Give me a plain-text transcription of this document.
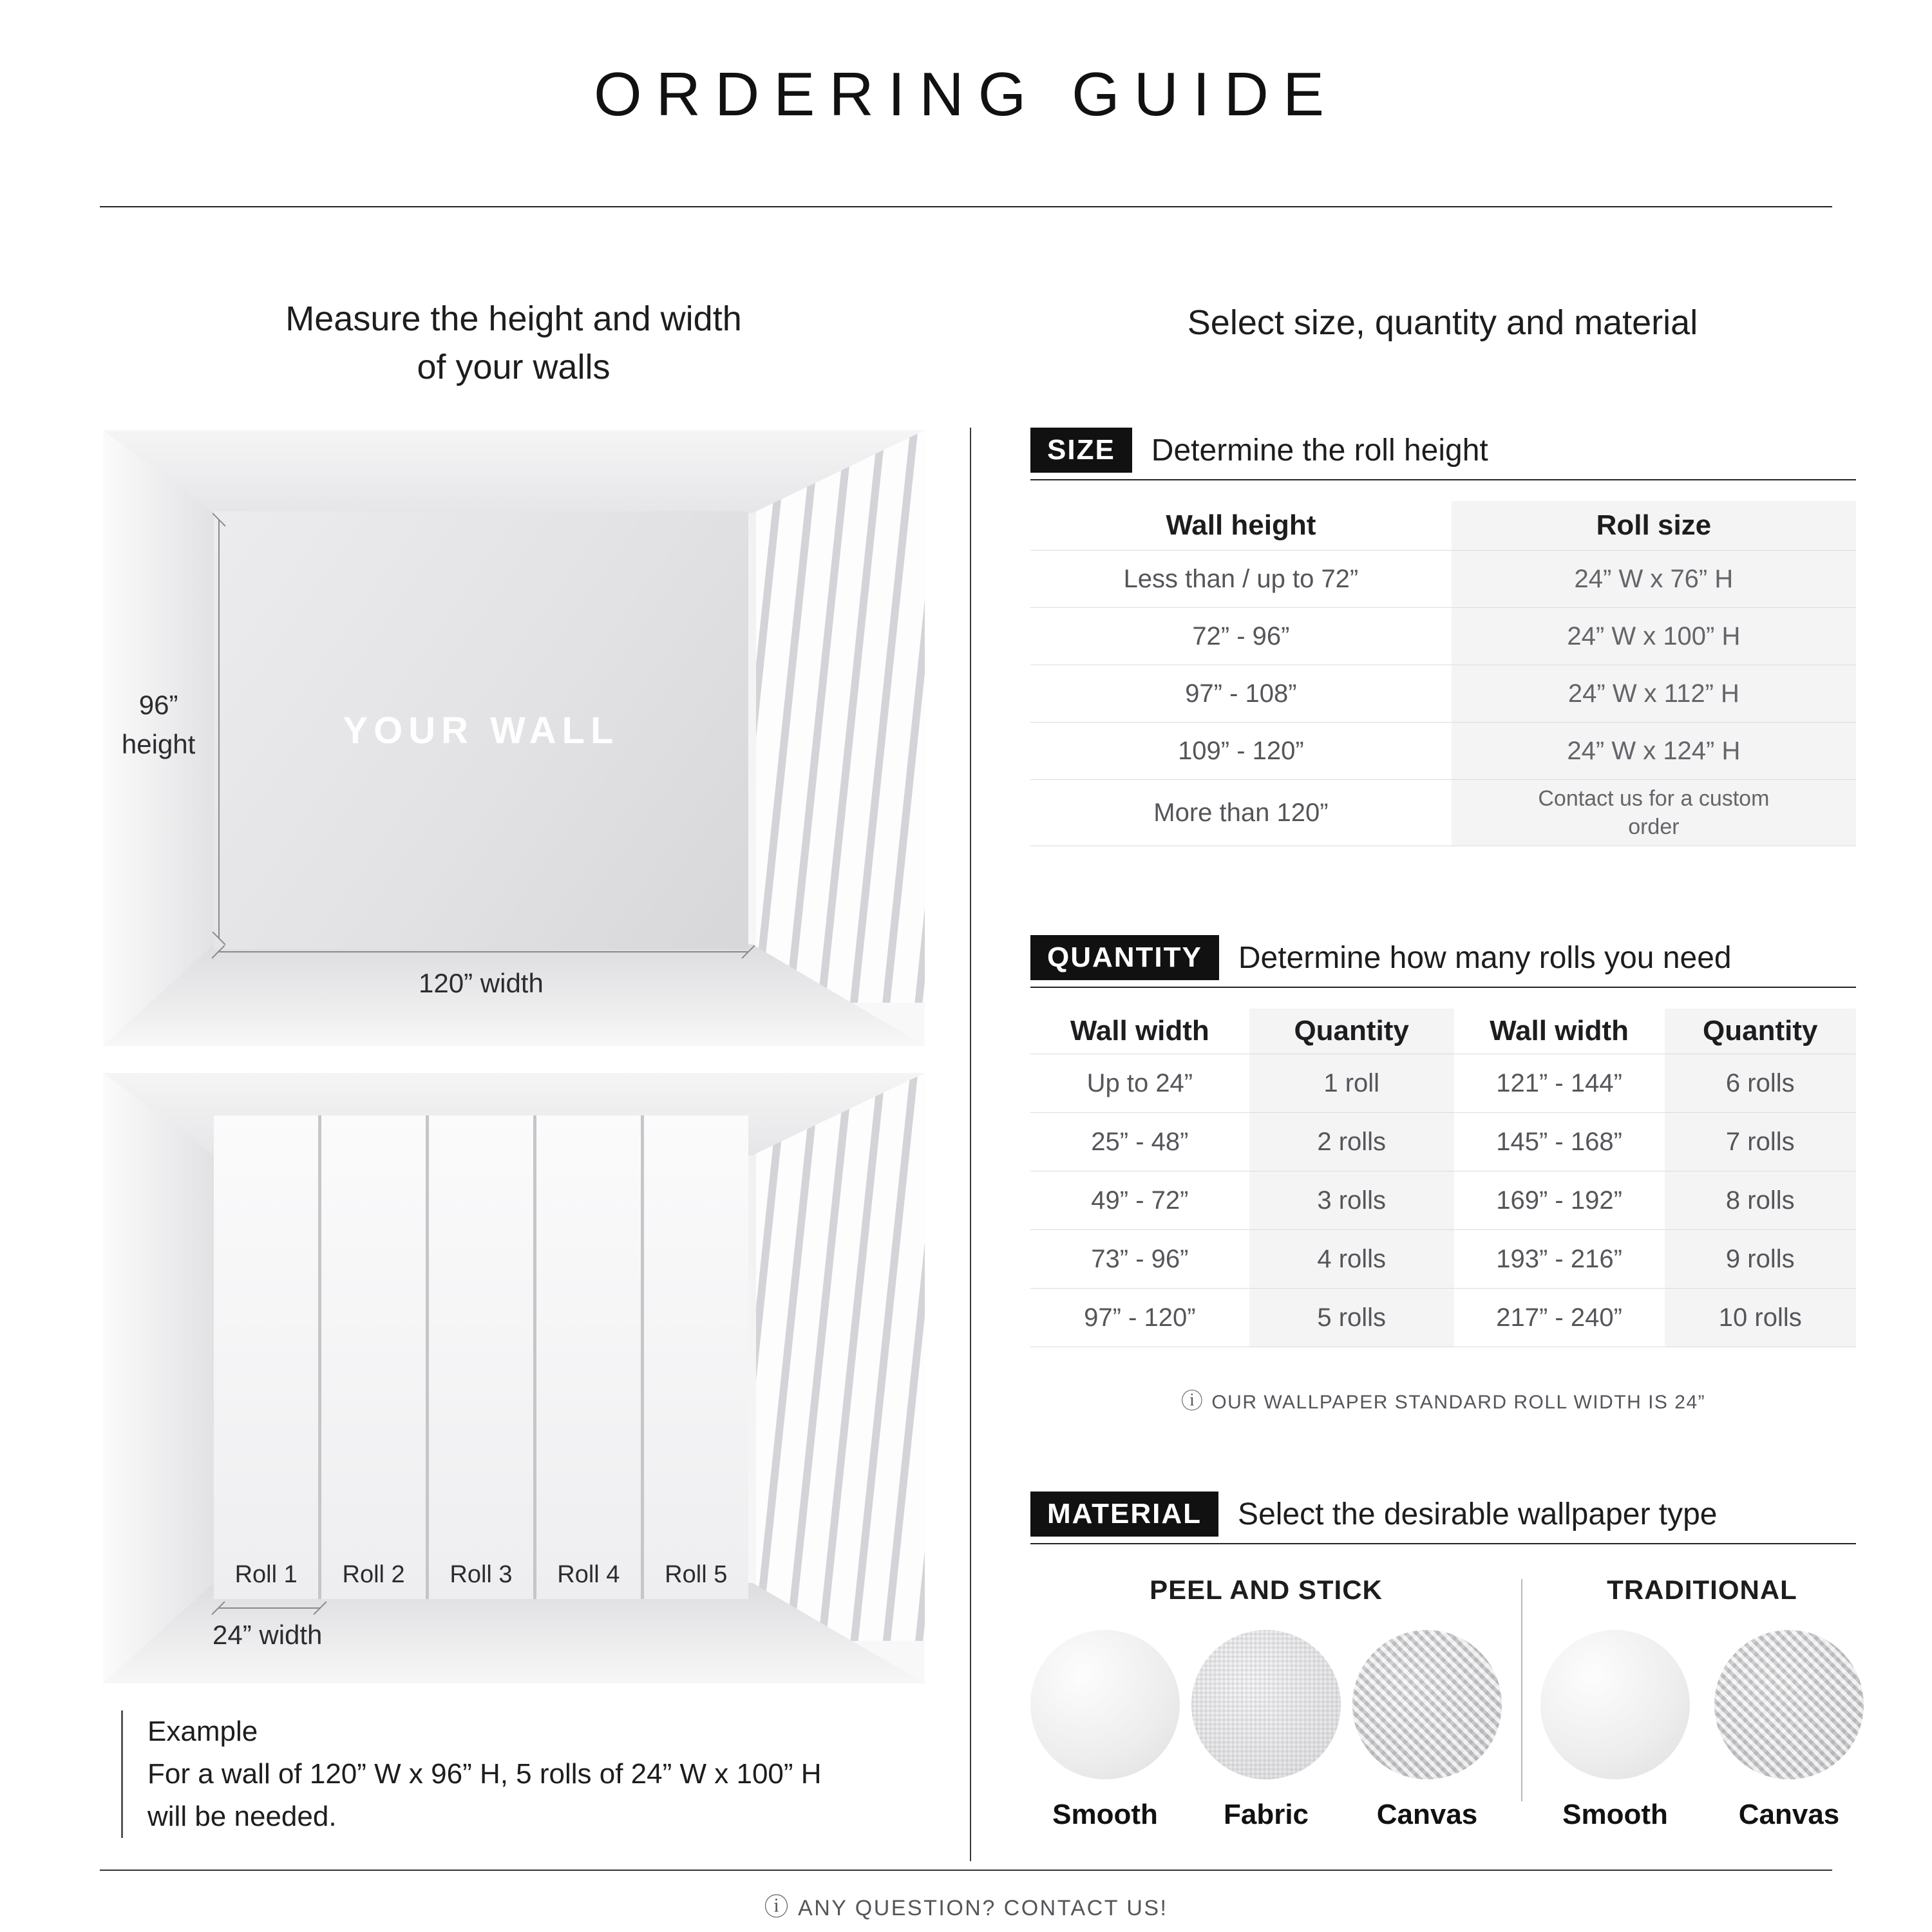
ORDERING GUIDE
Measure the height and width
of your walls
Select size, quantity and material
YOUR WALL
96”
height
120” width
Roll 1	Roll 2	Roll 3	Roll 4	Roll 5
24” width
Example
For a wall of 120” W x 96” H, 5 rolls of 24” W x 100” H
will be needed.
SIZE	Determine the roll height
Wall height	Roll size
Less than / up to 72”	24” W x 76” H
72” - 96”	24” W x 100” H
97” - 108”	24” W x 112” H
109” - 120”	24” W x 124” H
More than 120”	Contact us for a custom order
QUANTITY	Determine how many rolls you need
Wall width	Quantity	Wall width	Quantity
Up to 24”	1 roll	121” - 144”	6 rolls
25” - 48”	2 rolls	145” - 168”	7 rolls
49” - 72”	3 rolls	169” - 192”	8 rolls
73” - 96”	4 rolls	193” - 216”	9 rolls
97” - 120”	5 rolls	217” - 240”	10 rolls
ⓘ OUR WALLPAPER STANDARD ROLL WIDTH IS 24”
MATERIAL	Select the desirable wallpaper type
PEEL AND STICK
Smooth	Fabric	Canvas
TRADITIONAL
Smooth	Canvas
ⓘ ANY QUESTION? CONTACT US!
